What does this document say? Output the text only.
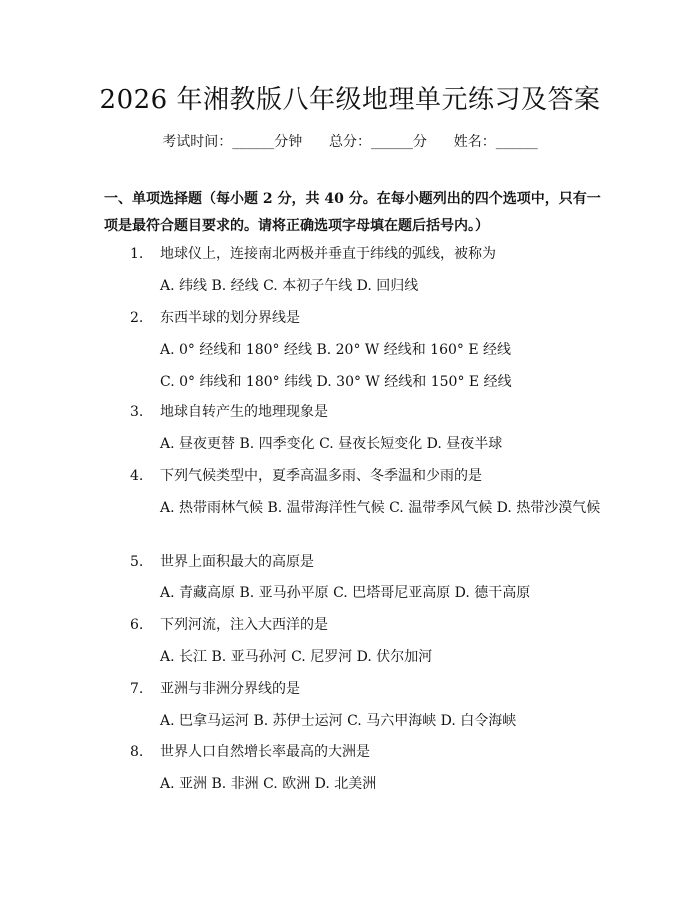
2026 年湘教版八年级地理单元练习及答案
考试时间：______分钟      总分：______分      姓名：______
一、单项选择题（每小题 2 分，共 40 分。在每小题列出的四个选项中，只有一项是最符合题目要求的。请将正确选项字母填在题后括号内。）
1. 地球仪上，连接南北两极并垂直于纬线的弧线，被称为
A. 纬线 B. 经线 C. 本初子午线 D. 回归线
2. 东西半球的划分界线是
A. 0° 经线和 180° 经线 B. 20° W 经线和 160° E 经线
C. 0° 纬线和 180° 纬线 D. 30° W 经线和 150° E 经线
3. 地球自转产生的地理现象是
A. 昼夜更替 B. 四季变化 C. 昼夜长短变化 D. 昼夜半球
4. 下列气候类型中，夏季高温多雨、冬季温和少雨的是
A. 热带雨林气候 B. 温带海洋性气候 C. 温带季风气候 D. 热带沙漠气候
5. 世界上面积最大的高原是
A. 青藏高原 B. 亚马孙平原 C. 巴塔哥尼亚高原 D. 德干高原
6. 下列河流，注入大西洋的是
A. 长江 B. 亚马孙河 C. 尼罗河 D. 伏尔加河
7. 亚洲与非洲分界线的是
A. 巴拿马运河 B. 苏伊士运河 C. 马六甲海峡 D. 白令海峡
8. 世界人口自然增长率最高的大洲是
A. 亚洲 B. 非洲 C. 欧洲 D. 北美洲
